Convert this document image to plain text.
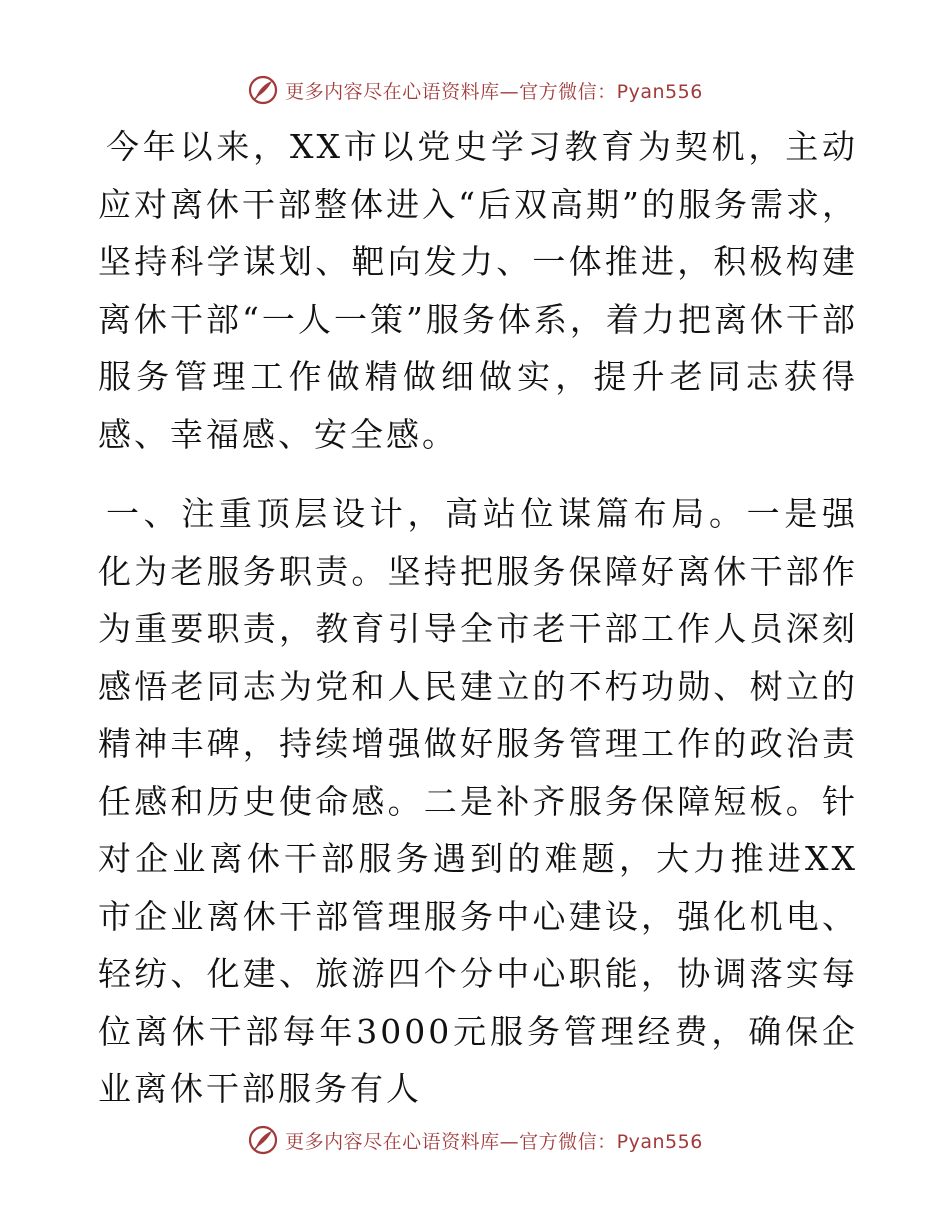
更多内容尽在心语资料库—官方微信：Pyan556

今年以来，XX市以党史学习教育为契机，主动应对离休干部整体进入“后双高期”的服务需求，坚持科学谋划、靶向发力、一体推进，积极构建离休干部“一人一策”服务体系，着力把离休干部服务管理工作做精做细做实，提升老同志获得感、幸福感、安全感。

一、注重顶层设计，高站位谋篇布局。一是强化为老服务职责。坚持把服务保障好离休干部作为重要职责，教育引导全市老干部工作人员深刻感悟老同志为党和人民建立的不朽功勋、树立的精神丰碑，持续增强做好服务管理工作的政治责任感和历史使命感。二是补齐服务保障短板。针对企业离休干部服务遇到的难题，大力推进XX市企业离休干部管理服务中心建设，强化机电、轻纺、化建、旅游四个分中心职能，协调落实每位离休干部每年3000元服务管理经费，确保企业离休干部服务有人

更多内容尽在心语资料库—官方微信：Pyan556
